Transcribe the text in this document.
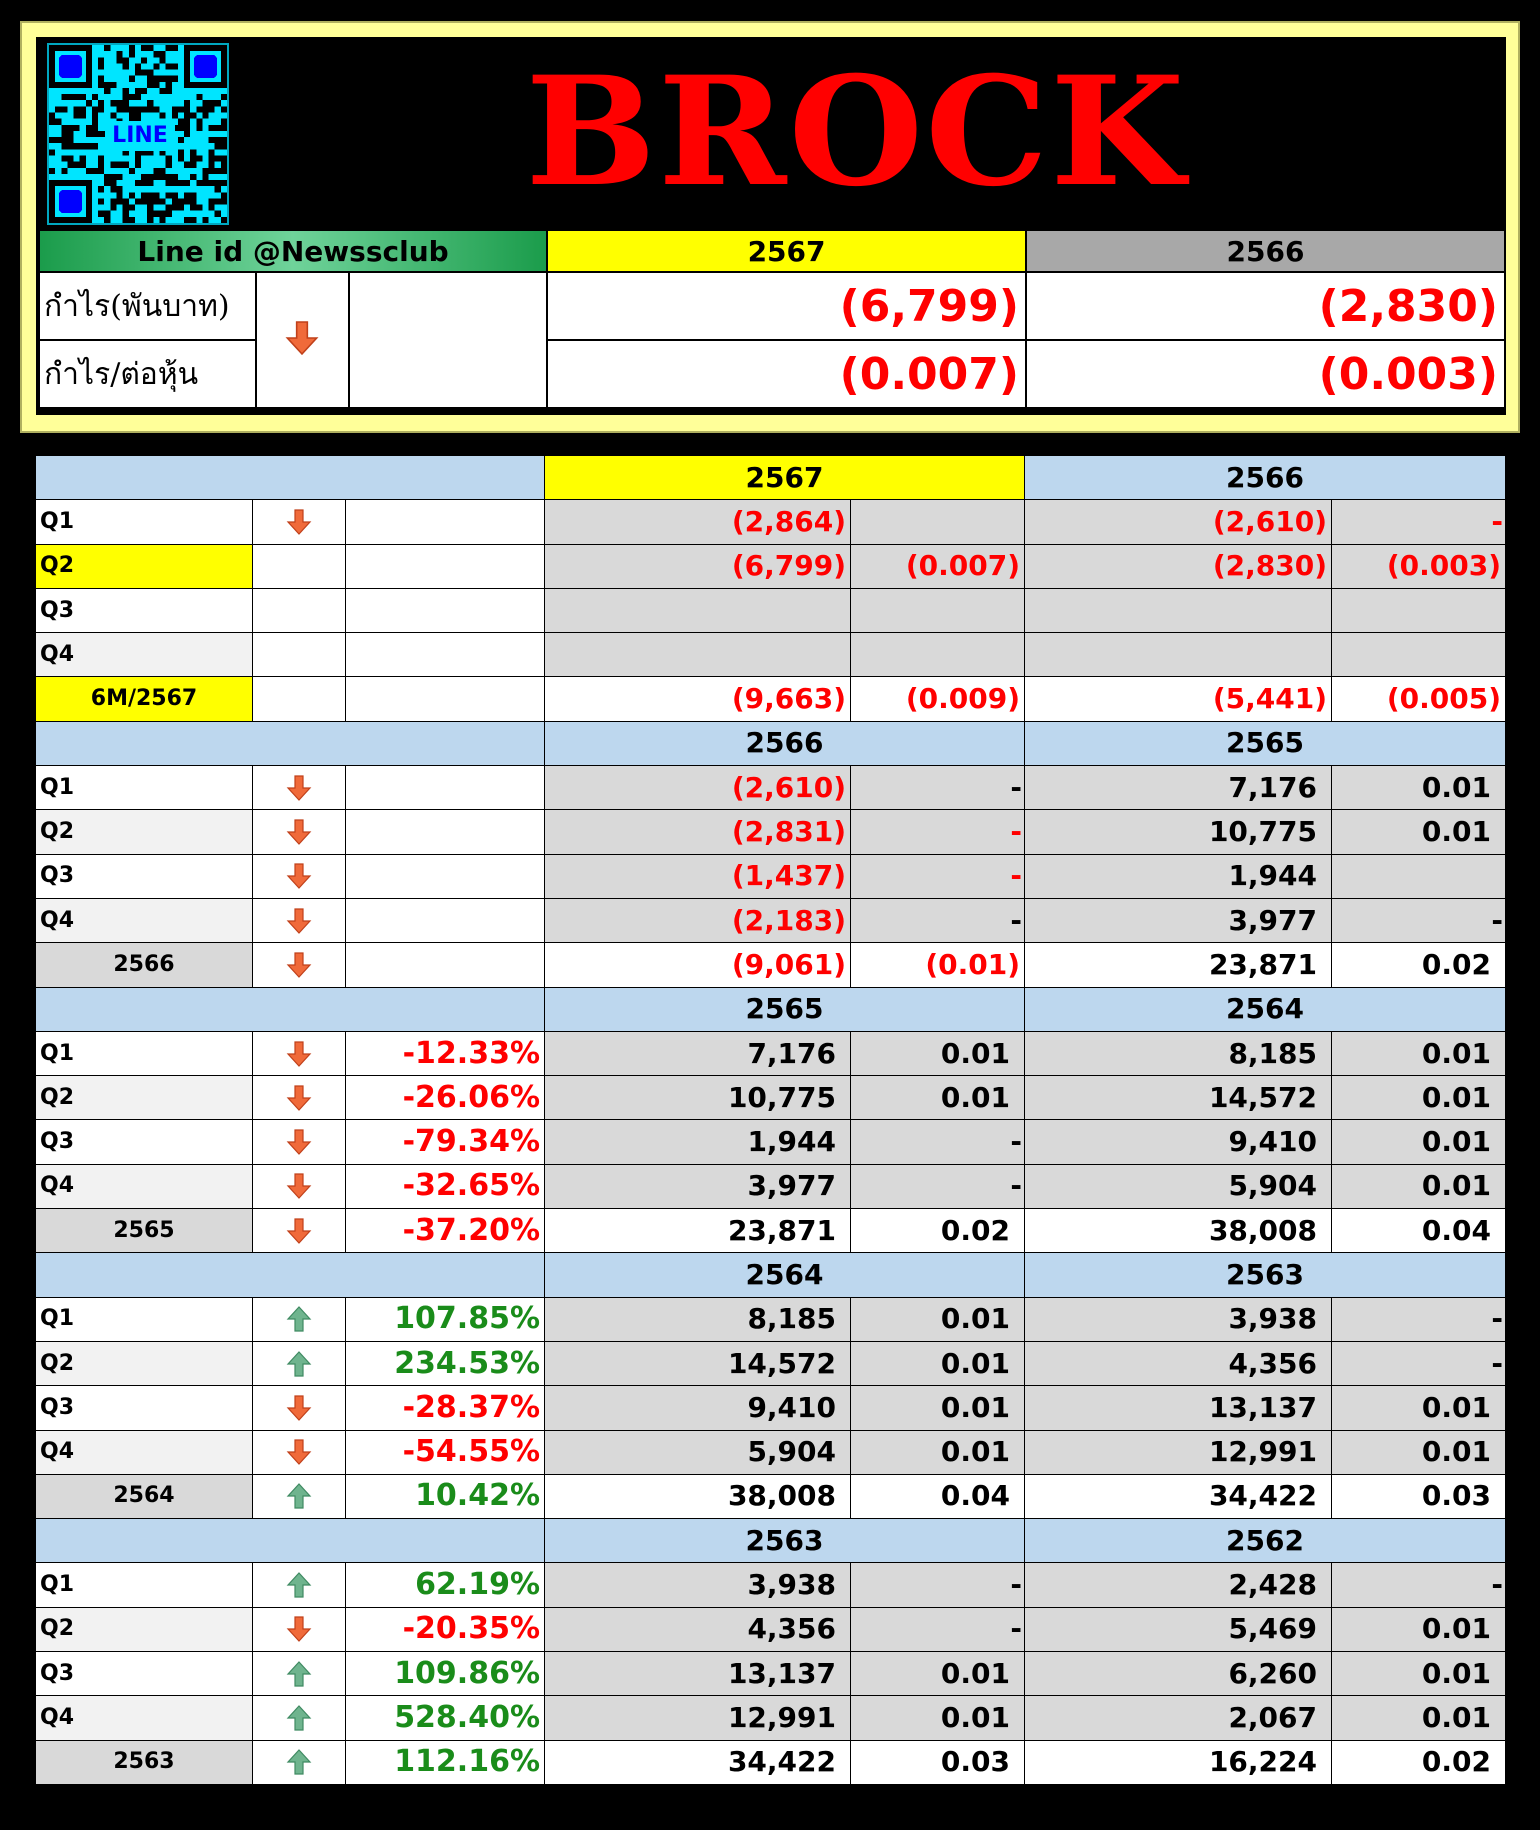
LINE	BROCK
Line id @Newssclub			2567	2566
กำไร(พันบาท)			(6,799)	(2,830)
กำไร/ต่อหุ้น			(0.007)	(0.003)
			2567		2566	
Q1			(2,864)		(2,610)	-
Q2			(6,799)	(0.007)	(2,830)	(0.003)
Q3						
Q4						
6M/2567			(9,663)	(0.009)	(5,441)	(0.005)
			2566		2565	
Q1			(2,610)	-	7,176	0.01
Q2			(2,831)	-	10,775	0.01
Q3			(1,437)	-	1,944	
Q4			(2,183)	-	3,977	-
2566			(9,061)	(0.01)	23,871	0.02
			2565		2564	
Q1		-12.33%	7,176	0.01	8,185	0.01
Q2		-26.06%	10,775	0.01	14,572	0.01
Q3		-79.34%	1,944	-	9,410	0.01
Q4		-32.65%	3,977	-	5,904	0.01
2565		-37.20%	23,871	0.02	38,008	0.04
			2564		2563	
Q1		107.85%	8,185	0.01	3,938	-
Q2		234.53%	14,572	0.01	4,356	-
Q3		-28.37%	9,410	0.01	13,137	0.01
Q4		-54.55%	5,904	0.01	12,991	0.01
2564		10.42%	38,008	0.04	34,422	0.03
			2563		2562	
Q1		62.19%	3,938	-	2,428	-
Q2		-20.35%	4,356	-	5,469	0.01
Q3		109.86%	13,137	0.01	6,260	0.01
Q4		528.40%	12,991	0.01	2,067	0.01
2563		112.16%	34,422	0.03	16,224	0.02
